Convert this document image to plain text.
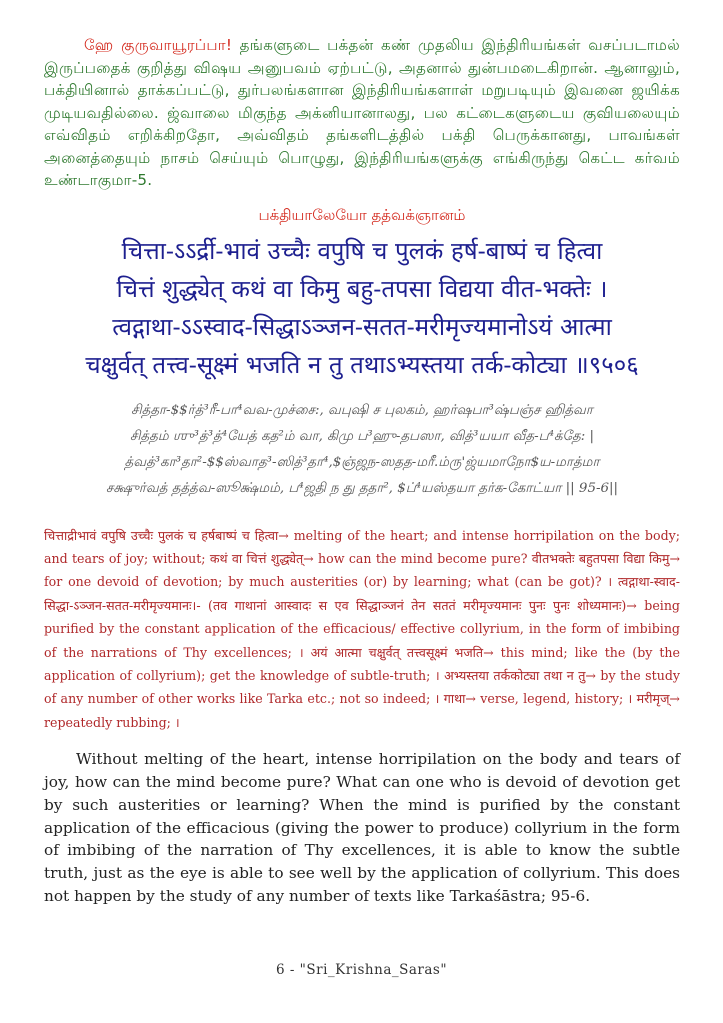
ஹே குருவாயூரப்பா! தங்களுடை பக்தன் கண் முதலிய இந்திரியங்கள் வசப்படாமல் இருப்பதைக் குறித்து விஷய அனுபவம் ஏற்பட்டு, அதனால் துன்பமடைகிறான். ஆனாலும், பக்தியினால் தாக்கப்பட்டு, துர்பலங்களான இந்திரியங்களாள் மறுபடியும் இவனை ஜயிக்க முடியவதில்லை. ஜ்வாலை மிகுந்த அக்னியானாலது, பல கட்டைகளுடைய குவியலையும் எவ்விதம் எறிக்கிறதோ, அவ்விதம் தங்களிடத்தில் பக்தி பெருக்கானது, பாவங்கள் அனைத்தையும் நாசம் செய்யும் பொழுது, இந்திரியங்களுக்கு எங்கிருந்து கெட்ட கர்வம் உண்டாகுமா-5.

பக்தியாலேயோ தத்வக்ஞானம்

चित्ता-ऽऽर्द्री-भावं उच्चैः वपुषि च पुलकं हर्ष-बाष्पं च हित्वा

चित्तं शुद्ध्येत् कथं वा किमु बहु-तपसा विद्यया वीत-भक्तेः ।

त्वद्गाथा-ऽऽस्वाद-सिद्धाऽञ्जन-सतत-मरीमृज्यमानोऽयं आत्मा

चक्षुर्वत् तत्त्व-सूक्ष्मं भजति न तु तथाऽभ्यस्तया तर्क-कोट्या ॥९५०६

சித்தா-$$ர்த்³ரீ-பா⁴வவ-முச்சை:, வபுஷி ச புலகம், ஹர்ஷபா³ஷ்பஞ்ச ஹித்வா
சித்தம் ஶு³த்³த்⁴யேத் கத²ம் வா, கிமு ப³ஹு-தபஸா, வித்³யயா வீத-ப⁴க்தே: |
த்வத்³கா³தா²-$$ஸ்வாத³-ஸித்³தா⁴,$ஞ்ஜந-ஸதத-மரீ.ம்ரு'ஜ்யமாநோ$ய-மாத்மா
சக்ஷுர்வத் தத்த்வ-ஸூக்ஷ்மம், ப⁴ஜதி ந து ததா², $ப்⁴யஸ்தயா தர்க-கோட்யா || 95-6||

चित्ताद्रीभावं वपुषि उच्चैः पुलकं च हर्षबाष्पं च हित्वा→ melting of the heart; and intense horripilation on the body; and tears of joy; without; कथं वा चित्तं शुद्ध्येत्→ how can the mind become pure? वीतभक्तेः बहुतपसा विद्या किमु→ for one devoid of devotion; by much austerities (or) by learning; what (can be got)? । त्वद्गाथा-स्वाद-सिद्धा-ऽञ्जन-सतत-मरीमृज्यमानः।- (तव गाथानां आस्वादः स एव सिद्धाञ्जनं तेन सततं मरीमृज्यमानः पुनः पुनः शोध्यमानः)→ being purified by the constant application of the efficacious/ effective collyrium, in the form of imbibing of the narrations of Thy excellences; । अयं आत्मा चक्षुर्वत् तत्त्वसूक्ष्मं भजति→ this mind; like the (by the application of collyrium); get the knowledge of subtle-truth; । अभ्यस्तया तर्ककोट्या तथा न तु→ by the study of any number of other works like Tarka etc.; not so indeed; । गाथा→ verse, legend, history; । मरीमृज्→ repeatedly rubbing; ।

Without melting of the heart, intense horripilation on the body and tears of joy, how can the mind become pure? What can one who is devoid of devotion get by such austerities or learning? When the mind is purified by the constant application of the efficacious (giving the power to produce) collyrium in the form of imbibing of the narration of Thy excellences, it is able to know the subtle truth, just as the eye is able to see well by the application of collyrium. This does not happen by the study of any number of texts like Tarkaśāstra; 95-6.

6 - "Sri_Krishna_Saras"
